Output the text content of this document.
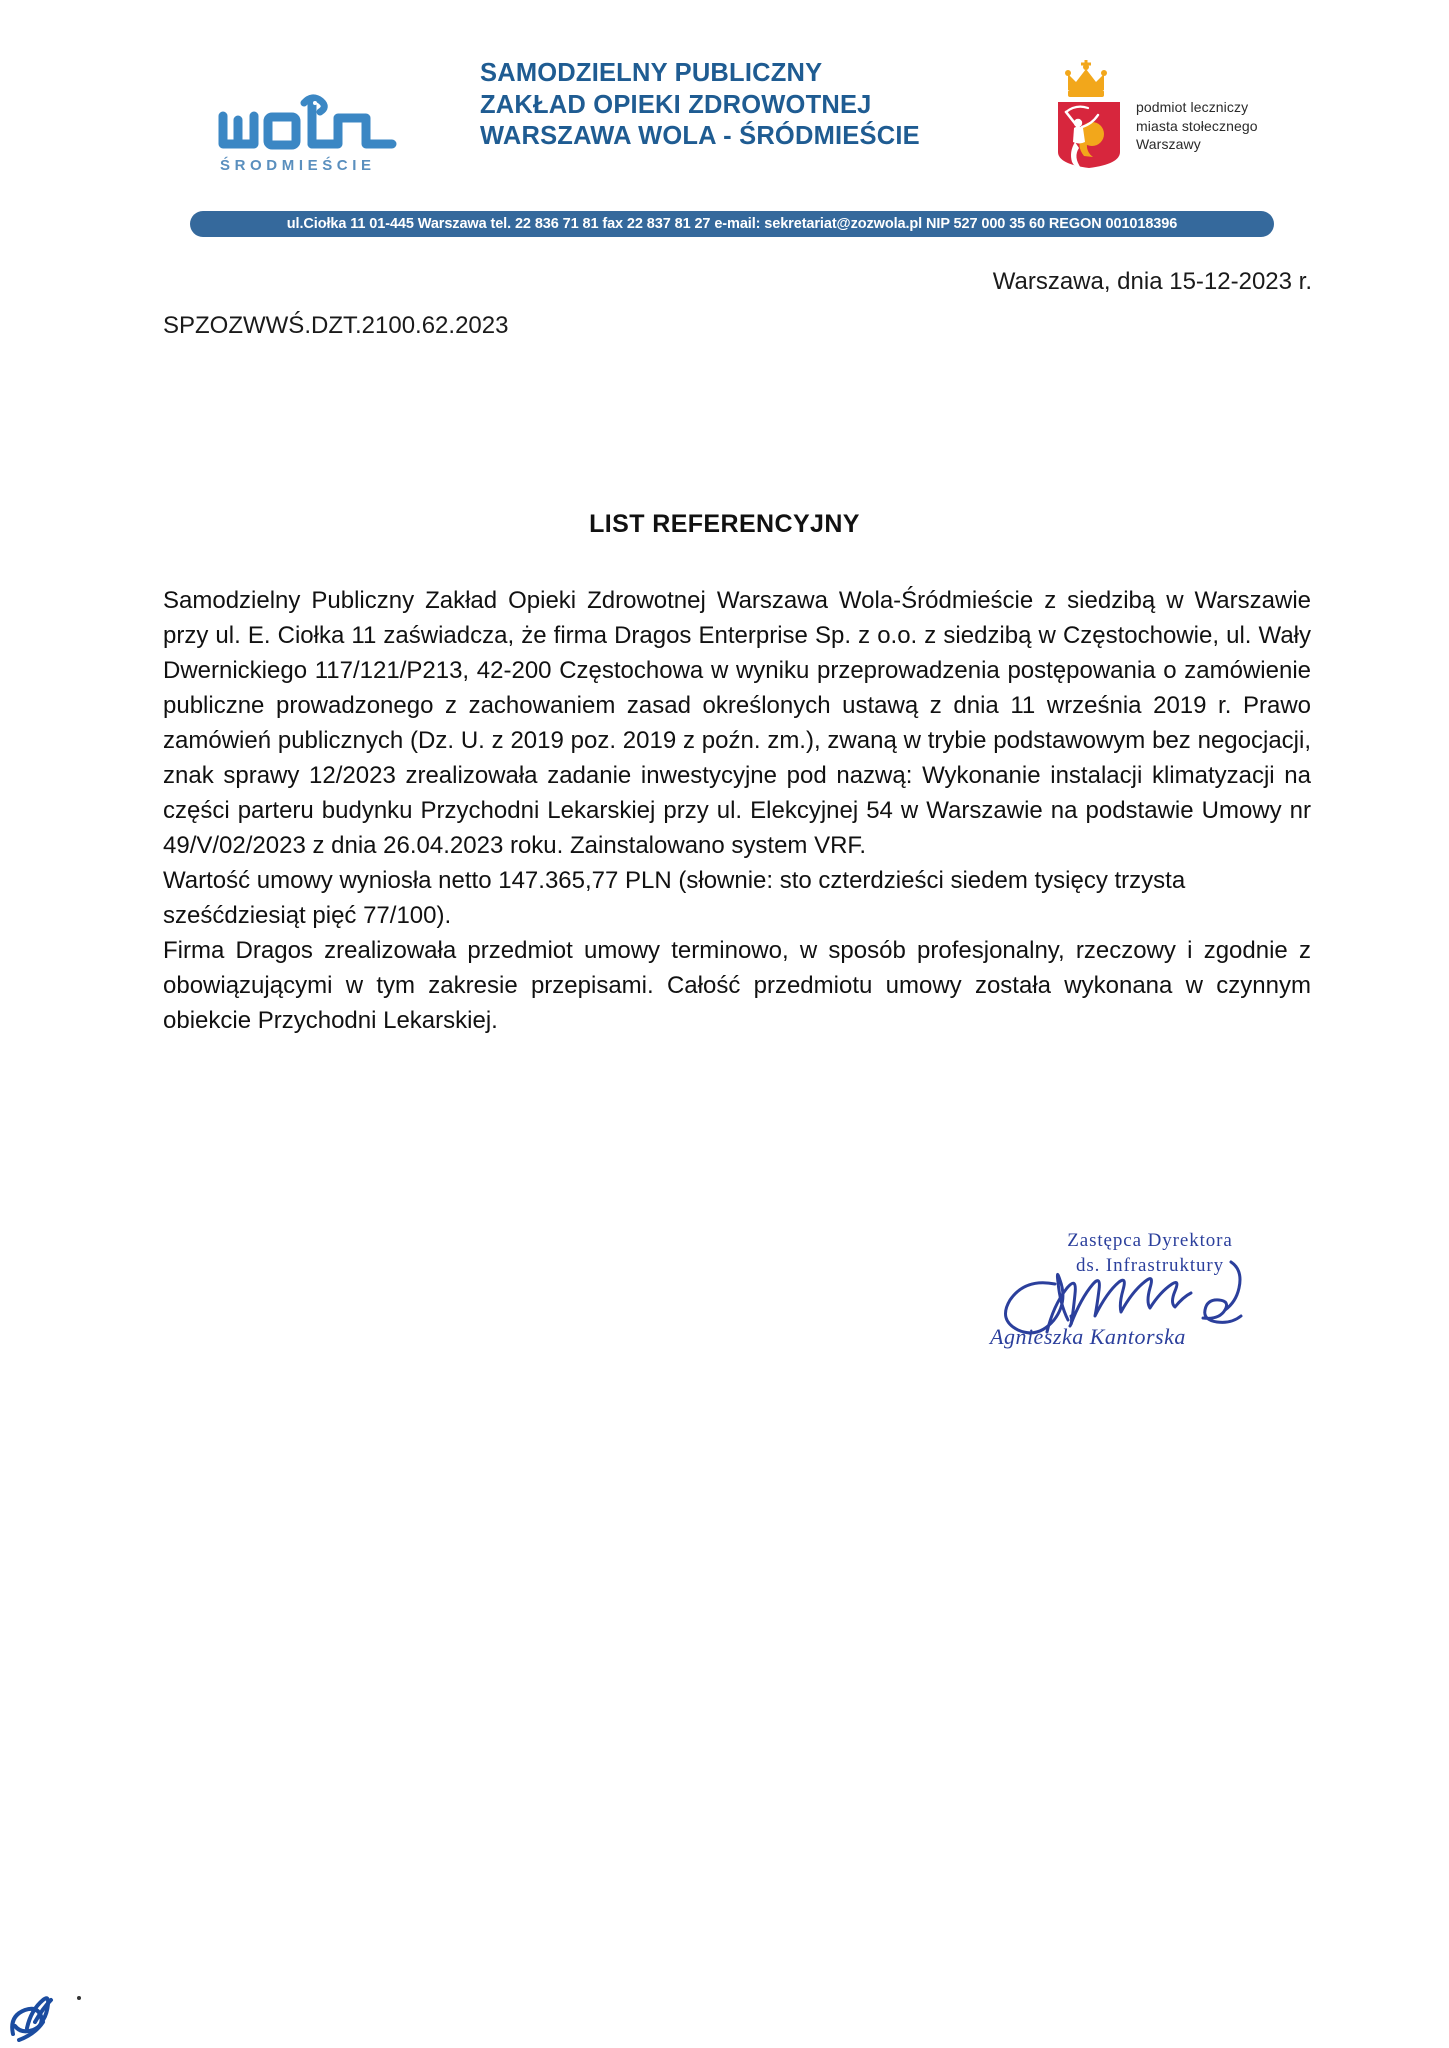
ŚRODMIEŚCIE
SAMODZIELNY PUBLICZNY
ZAKŁAD OPIEKI ZDROWOTNEJ
WARSZAWA WOLA - ŚRÓDMIEŚCIE
podmiot leczniczy
miasta stołecznego
Warszawy
ul.Ciołka 11 01-445 Warszawa tel. 22 836 71 81 fax 22 837 81 27 e-mail: sekretariat@zozwola.pl NIP 527 000 35 60 REGON 001018396
Warszawa, dnia 15-12-2023 r.
SPZOZWWŚ.DZT.2100.62.2023
LIST REFERENCYJNY

Samodzielny Publiczny Zakład Opieki Zdrowotnej Warszawa Wola-Śródmieście z siedzibą w Warszawie przy ul. E. Ciołka 11 zaświadcza, że firma Dragos Enterprise Sp. z o.o. z siedzibą w Częstochowie, ul. Wały Dwernickiego 117/121/P213, 42-200 Częstochowa w wyniku przeprowadzenia postępowania o zamówienie publiczne prowadzonego z zachowaniem zasad określonych ustawą z dnia 11 września 2019 r. Prawo zamówień publicznych (Dz. U. z 2019 poz. 2019 z poźn. zm.), zwaną w trybie podstawowym bez negocjacji, znak sprawy 12/2023 zrealizowała zadanie inwestycyjne pod nazwą: Wykonanie instalacji klimatyzacji na części parteru budynku Przychodni Lekarskiej przy ul. Elekcyjnej 54 w Warszawie na podstawie Umowy nr 49/V/02/2023 z dnia 26.04.2023 roku. Zainstalowano system VRF.

Wartość umowy wyniosła netto 147.365,77 PLN (słownie: sto czterdzieści siedem tysięcy trzysta sześćdziesiąt pięć 77/100).

Firma Dragos zrealizowała przedmiot umowy terminowo, w sposób profesjonalny, rzeczowy i zgodnie z obowiązującymi w tym zakresie przepisami. Całość przedmiotu umowy została wykonana w czynnym obiekcie Przychodni Lekarskiej.

Zastępca Dyrektora
ds. Infrastruktury
Agnieszka Kantorska
